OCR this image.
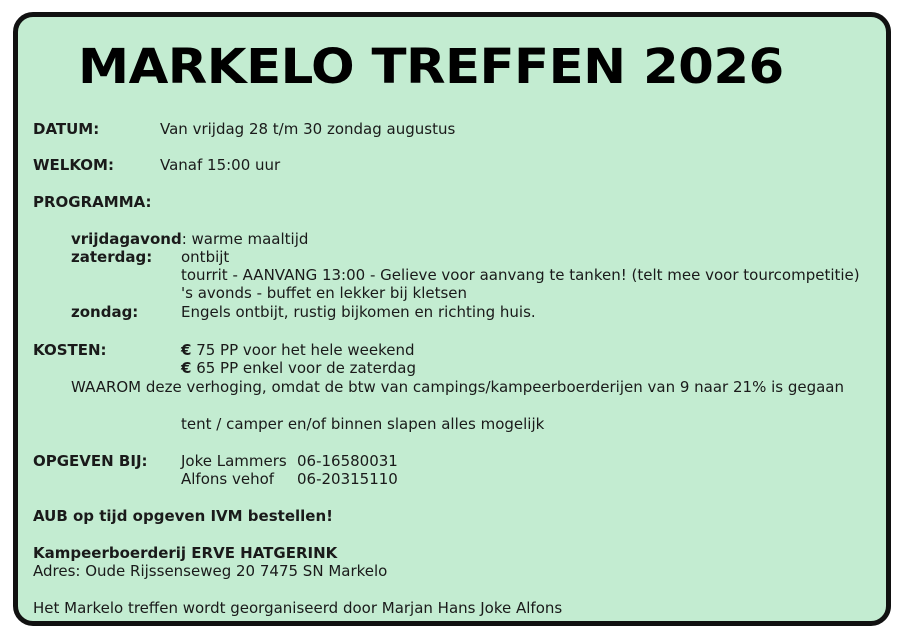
MARKELO TREFFEN 2026
DATUM:	Van vrijdag 28 t/m 30 zondag augustus
WELKOM:	Vanaf 15:00 uur
PROGRAMMA:
vrijdagavond: warme maaltijd
zaterdag: ontbijt
tourrit - AANVANG 13:00 - Gelieve voor aanvang te tanken! (telt mee voor tourcompetitie)
's avonds - buffet en lekker bij kletsen
zondag:	Engels ontbijt, rustig bijkomen en richting huis.
KOSTEN:	€ 75 PP voor het hele weekend
€ 65 PP enkel voor de zaterdag
WAAROM deze verhoging, omdat de btw van campings/kampeerboerderijen van 9 naar 21% is gegaan
tent / camper en/of binnen slapen alles mogelijk
OPGEVEN BIJ: Joke Lammers 06-16580031
Alfons vehof 06-20315110
AUB op tijd opgeven IVM bestellen!
Kampeerboerderij ERVE HATGERINK
Adres: Oude Rijssenseweg 20 7475 SN Markelo
Het Markelo treffen wordt georganiseerd door Marjan Hans Joke Alfons
